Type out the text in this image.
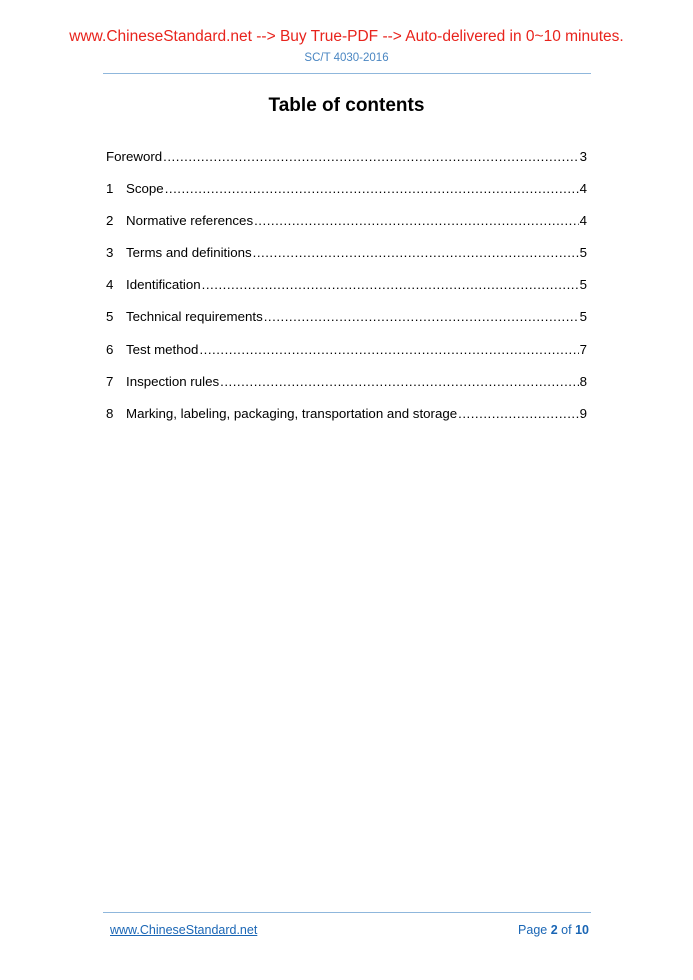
www.ChineseStandard.net --> Buy True-PDF --> Auto-delivered in 0~10 minutes.
SC/T 4030-2016
Table of contents
Foreword .....	3
1 Scope .....	4
2 Normative references .....	4
3 Terms and definitions .....	5
4 Identification .....	5
5 Technical requirements .....	5
6 Test method .....	7
7 Inspection rules .....	8
8 Marking, labeling, packaging, transportation and storage .....	9
www.ChineseStandard.net	Page 2 of 10
